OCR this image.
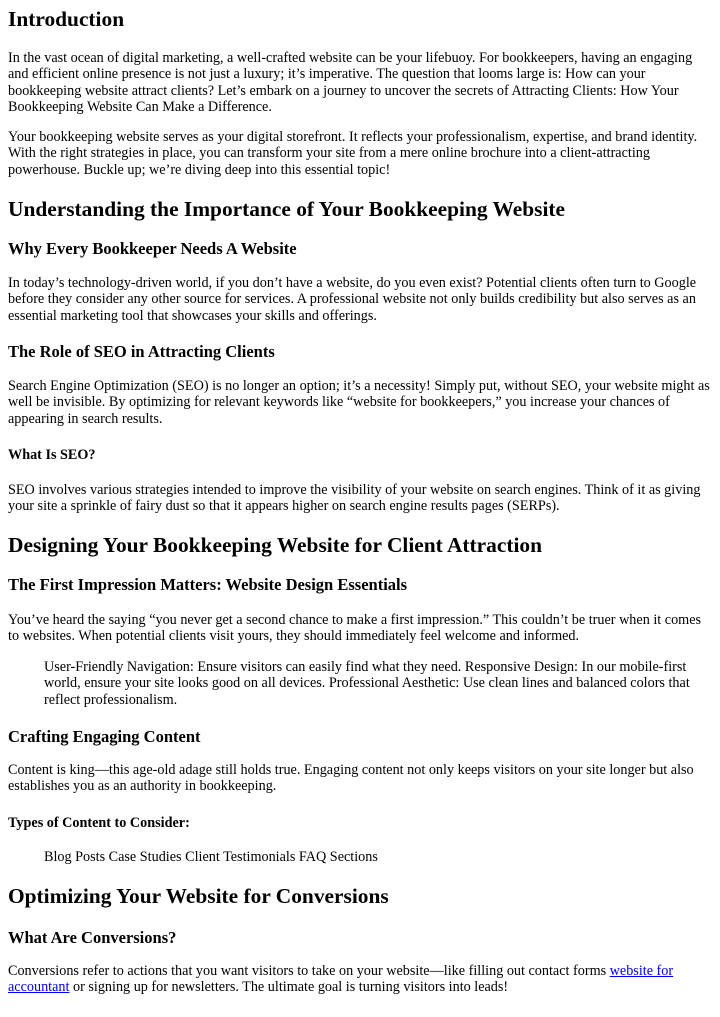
Introduction

In the vast ocean of digital marketing, a well-crafted website can be your lifebuoy. For bookkeepers, having an engaging and efficient online presence is not just a luxury; it’s imperative. The question that looms large is: How can your bookkeeping website attract clients? Let’s embark on a journey to uncover the secrets of Attracting Clients: How Your Bookkeeping Website Can Make a Difference.

Your bookkeeping website serves as your digital storefront. It reflects your professionalism, expertise, and brand identity. With the right strategies in place, you can transform your site from a mere online brochure into a client-attracting powerhouse. Buckle up; we’re diving deep into this essential topic!

Understanding the Importance of Your Bookkeeping Website
Why Every Bookkeeper Needs A Website

In today’s technology-driven world, if you don’t have a website, do you even exist? Potential clients often turn to Google before they consider any other source for services. A professional website not only builds credibility but also serves as an essential marketing tool that showcases your skills and offerings.

The Role of SEO in Attracting Clients

Search Engine Optimization (SEO) is no longer an option; it’s a necessity! Simply put, without SEO, your website might as well be invisible. By optimizing for relevant keywords like “website for bookkeepers,” you increase your chances of appearing in search results.

What Is SEO?

SEO involves various strategies intended to improve the visibility of your website on search engines. Think of it as giving your site a sprinkle of fairy dust so that it appears higher on search engine results pages (SERPs).

Designing Your Bookkeeping Website for Client Attraction
The First Impression Matters: Website Design Essentials

You’ve heard the saying “you never get a second chance to make a first impression.” This couldn’t be truer when it comes to websites. When potential clients visit yours, they should immediately feel welcome and informed.

User-Friendly Navigation: Ensure visitors can easily find what they need. Responsive Design: In our mobile-first world, ensure your site looks good on all devices. Professional Aesthetic: Use clean lines and balanced colors that reflect professionalism.

Crafting Engaging Content

Content is king—this age-old adage still holds true. Engaging content not only keeps visitors on your site longer but also establishes you as an authority in bookkeeping.

Types of Content to Consider:

Blog Posts Case Studies Client Testimonials FAQ Sections

Optimizing Your Website for Conversions
What Are Conversions?

Conversions refer to actions that you want visitors to take on your website—like filling out contact forms website for accountant or signing up for newsletters. The ultimate goal is turning visitors into leads!
